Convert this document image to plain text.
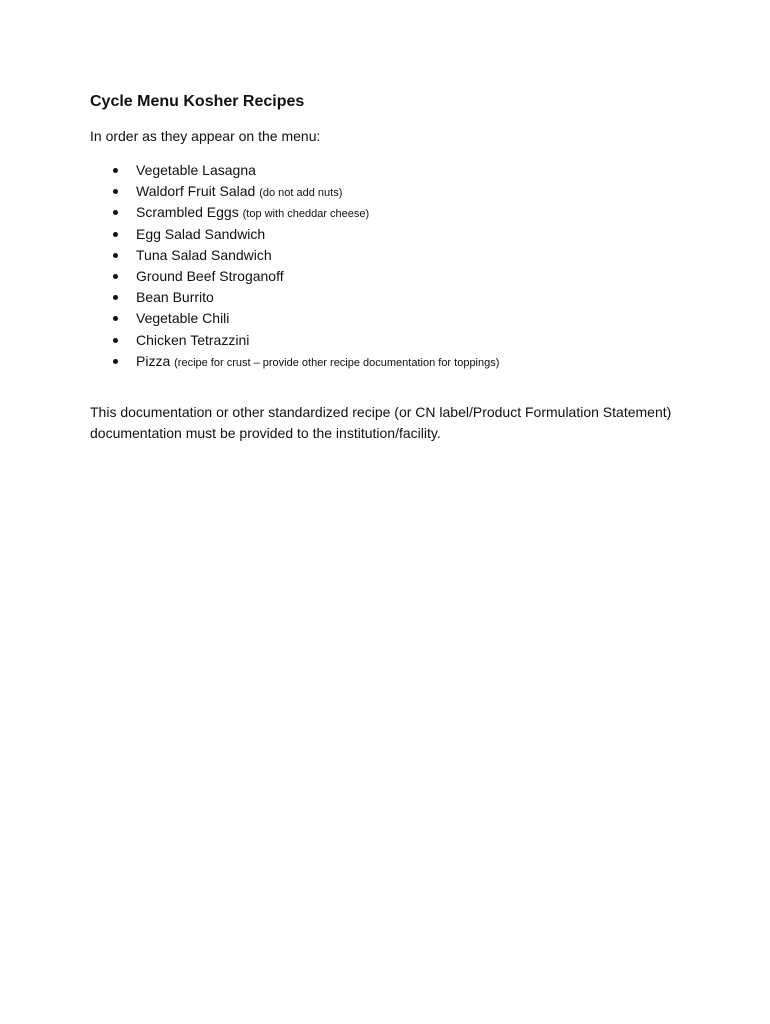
Cycle Menu Kosher Recipes
In order as they appear on the menu:
Vegetable Lasagna
Waldorf Fruit Salad (do not add nuts)
Scrambled Eggs (top with cheddar cheese)
Egg Salad Sandwich
Tuna Salad Sandwich
Ground Beef Stroganoff
Bean Burrito
Vegetable Chili
Chicken Tetrazzini
Pizza (recipe for crust – provide other recipe documentation for toppings)
This documentation or other standardized recipe (or CN label/Product Formulation Statement) documentation must be provided to the institution/facility.
